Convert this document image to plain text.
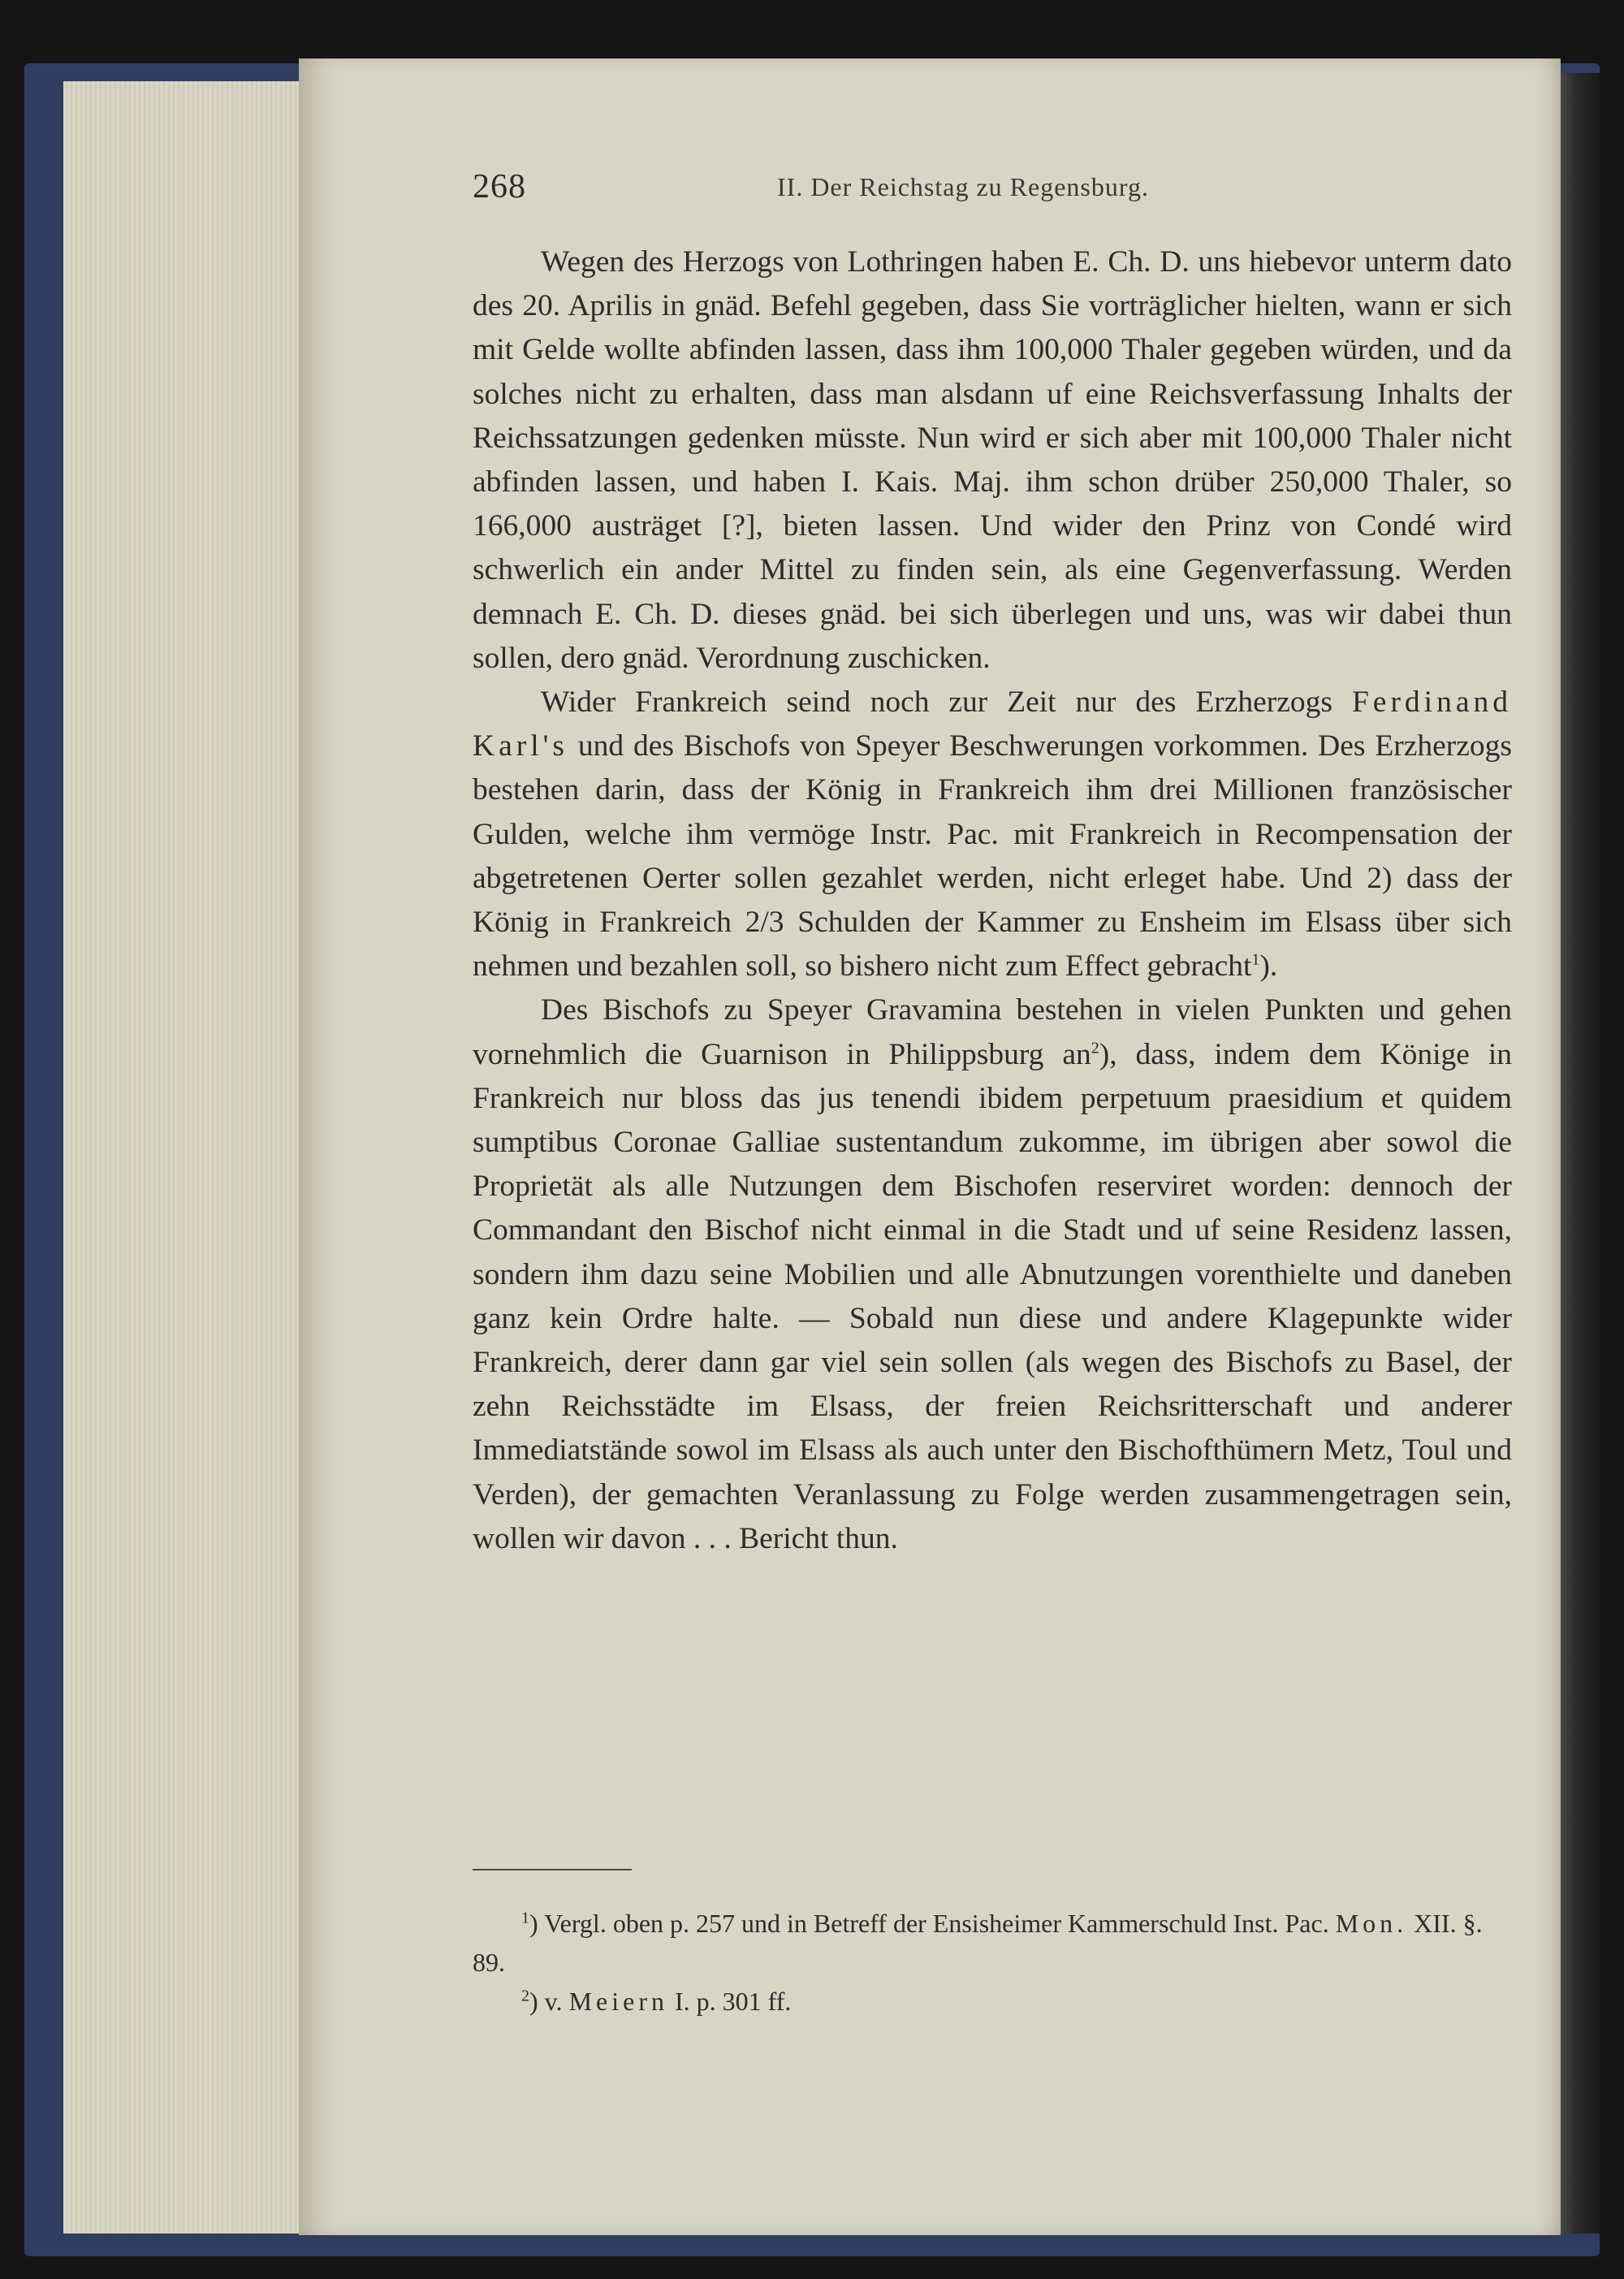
268	II. Der Reichstag zu Regensburg.

Wegen des Herzogs von Lothringen haben E. Ch. D. uns hiebevor unterm dato des 20. Aprilis in gnäd. Befehl gegeben, dass Sie vorträglicher hielten, wann er sich mit Gelde wollte abfinden lassen, dass ihm 100,000 Thaler gegeben würden, und da solches nicht zu erhalten, dass man alsdann uf eine Reichsverfassung Inhalts der Reichssatzungen gedenken müsste. Nun wird er sich aber mit 100,000 Thaler nicht abfinden lassen, und haben I. Kais. Maj. ihm schon drüber 250,000 Thaler, so 166,000 austräget [?], bieten lassen. Und wider den Prinz von Condé wird schwerlich ein ander Mittel zu finden sein, als eine Gegenverfassung. Werden demnach E. Ch. D. dieses gnäd. bei sich überlegen und uns, was wir dabei thun sollen, dero gnäd. Verordnung zuschicken.

Wider Frankreich seind noch zur Zeit nur des Erzherzogs Ferdinand Karl's und des Bischofs von Speyer Beschwerungen vorkommen. Des Erzherzogs bestehen darin, dass der König in Frankreich ihm drei Millionen französischer Gulden, welche ihm vermöge Instr. Pac. mit Frankreich in Recompensation der abgetretenen Oerter sollen gezahlet werden, nicht erleget habe. Und 2) dass der König in Frankreich 2/3 Schulden der Kammer zu Ensheim im Elsass über sich nehmen und bezahlen soll, so bishero nicht zum Effect gebracht$^1$).

Des Bischofs zu Speyer Gravamina bestehen in vielen Punkten und gehen vornehmlich die Guarnison in Philippsburg $an^2$), dass, indem dem Könige in Frankreich nur bloss das jus tenendi ibidem perpetuum praesidium et quidem sumptibus Coronae Galliae sustentandum zukomme, im übrigen aber sowol die Proprietät als alle Nutzungen dem Bischofen reserviret worden: dennoch der Commandant den Bischof nicht einmal in die Stadt und uf seine Residenz lassen, sondern ihm dazu seine Mobilien und alle Abnutzungen vorenthielte und daneben ganz kein Ordre halte. — Sobald nun diese und andere Klagepunkte wider Frankreich, derer dann gar viel sein sollen (als wegen des Bischofs zu Basel, der zehn Reichsstädte im Elsass, der freien Reichsritterschaft und anderer Immediatstände sowol im Elsass als auch unter den Bischofthümern Metz, Toul und Verden), der gemachten Veranlassung zu Folge werden zusammengetragen sein, wollen wir davon . . . Bericht thun.

$^1$) Vergl. oben p. 257 und in Betreff der Ensisheimer Kammerschuld Inst. Pac. Mon. XII. §. 89.

$^2$) v. Meiern I. p. 301 ff.
